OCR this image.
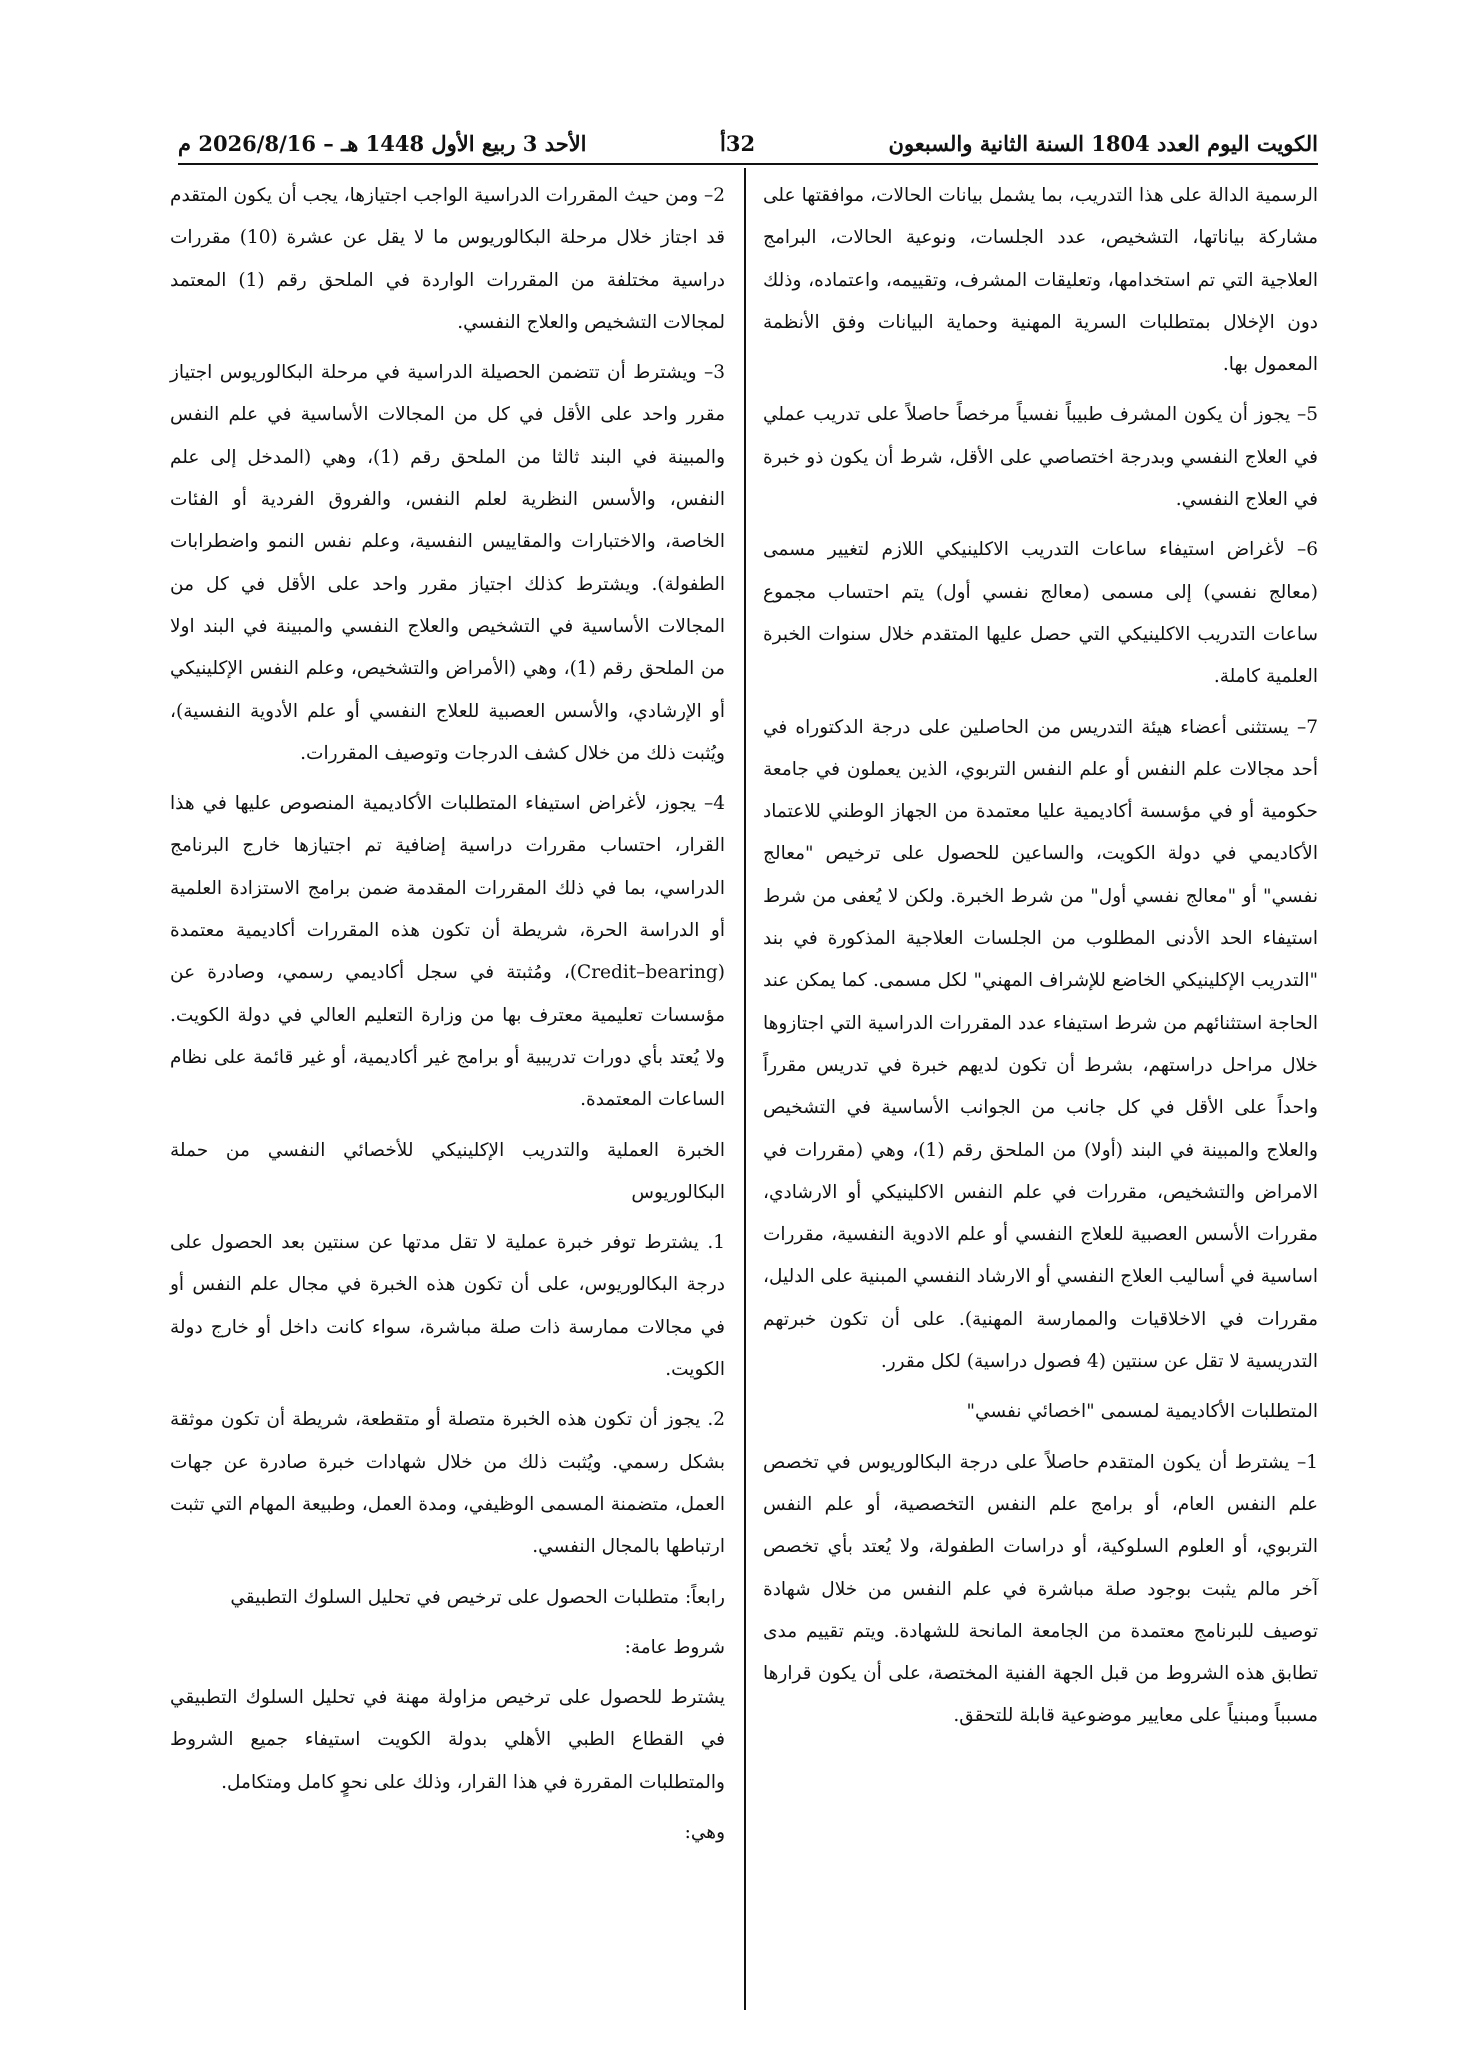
الكويت اليوم العدد 1804 السنة الثانية والسبعون
32أ
الأحد 3 ربيع الأول 1448 هـ – 2026/8/16 م

الرسمية الدالة على هذا التدريب، بما يشمل بيانات الحالات، موافقتها على مشاركة بياناتها، التشخيص، عدد الجلسات، ونوعية الحالات، البرامج العلاجية التي تم استخدامها، وتعليقات المشرف، وتقييمه، واعتماده، وذلك دون الإخلال بمتطلبات السرية المهنية وحماية البيانات وفق الأنظمة المعمول بها.

5– يجوز أن يكون المشرف طبيباً نفسياً مرخصاً حاصلاً على تدريب عملي في العلاج النفسي وبدرجة اختصاصي على الأقل، شرط أن يكون ذو خبرة في العلاج النفسي.

6– لأغراض استيفاء ساعات التدريب الاكلينيكي اللازم لتغيير مسمى (معالج نفسي) إلى مسمى (معالج نفسي أول) يتم احتساب مجموع ساعات التدريب الاكلينيكي التي حصل عليها المتقدم خلال سنوات الخبرة العلمية كاملة.

7– يستثنى أعضاء هيئة التدريس من الحاصلين على درجة الدكتوراه في أحد مجالات علم النفس أو علم النفس التربوي، الذين يعملون في جامعة حكومية أو في مؤسسة أكاديمية عليا معتمدة من الجهاز الوطني للاعتماد الأكاديمي في دولة الكويت، والساعين للحصول على ترخيص "معالج نفسي" أو "معالج نفسي أول" من شرط الخبرة. ولكن لا يُعفى من شرط استيفاء الحد الأدنى المطلوب من الجلسات العلاجية المذكورة في بند "التدريب الإكلينيكي الخاضع للإشراف المهني" لكل مسمى. كما يمكن عند الحاجة استثنائهم من شرط استيفاء عدد المقررات الدراسية التي اجتازوها خلال مراحل دراستهم، بشرط أن تكون لديهم خبرة في تدريس مقرراً واحداً على الأقل في كل جانب من الجوانب الأساسية في التشخيص والعلاج والمبينة في البند (أولا) من الملحق رقم (1)، وهي (مقررات في الامراض والتشخيص، مقررات في علم النفس الاكلينيكي أو الارشادي، مقررات الأسس العصبية للعلاج النفسي أو علم الادوية النفسية، مقررات اساسية في أساليب العلاج النفسي أو الارشاد النفسي المبنية على الدليل، مقررات في الاخلاقيات والممارسة المهنية). على أن تكون خبرتهم التدريسية لا تقل عن سنتين (4 فصول دراسية) لكل مقرر.

المتطلبات الأكاديمية لمسمى "اخصائي نفسي"

1– يشترط أن يكون المتقدم حاصلاً على درجة البكالوريوس في تخصص علم النفس العام، أو برامج علم النفس التخصصية، أو علم النفس التربوي، أو العلوم السلوكية، أو دراسات الطفولة، ولا يُعتد بأي تخصص آخر مالم يثبت بوجود صلة مباشرة في علم النفس من خلال شهادة توصيف للبرنامج معتمدة من الجامعة المانحة للشهادة. ويتم تقييم مدى تطابق هذه الشروط من قبل الجهة الفنية المختصة، على أن يكون قرارها مسبباً ومبنياً على معايير موضوعية قابلة للتحقق.

2– ومن حيث المقررات الدراسية الواجب اجتيازها، يجب أن يكون المتقدم قد اجتاز خلال مرحلة البكالوريوس ما لا يقل عن عشرة (10) مقررات دراسية مختلفة من المقررات الواردة في الملحق رقم (1) المعتمد لمجالات التشخيص والعلاج النفسي.

3– ويشترط أن تتضمن الحصيلة الدراسية في مرحلة البكالوريوس اجتياز مقرر واحد على الأقل في كل من المجالات الأساسية في علم النفس والمبينة في البند ثالثا من الملحق رقم (1)، وهي (المدخل إلى علم النفس، والأسس النظرية لعلم النفس، والفروق الفردية أو الفئات الخاصة، والاختبارات والمقاييس النفسية، وعلم نفس النمو واضطرابات الطفولة). ويشترط كذلك اجتياز مقرر واحد على الأقل في كل من المجالات الأساسية في التشخيص والعلاج النفسي والمبينة في البند اولا من الملحق رقم (1)، وهي (الأمراض والتشخيص، وعلم النفس الإكلينيكي أو الإرشادي، والأسس العصبية للعلاج النفسي أو علم الأدوية النفسية)، ويُثبت ذلك من خلال كشف الدرجات وتوصيف المقررات.

4– يجوز، لأغراض استيفاء المتطلبات الأكاديمية المنصوص عليها في هذا القرار، احتساب مقررات دراسية إضافية تم اجتيازها خارج البرنامج الدراسي، بما في ذلك المقررات المقدمة ضمن برامج الاستزادة العلمية أو الدراسة الحرة، شريطة أن تكون هذه المقررات أكاديمية معتمدة (Credit–bearing)، ومُثبتة في سجل أكاديمي رسمي، وصادرة عن مؤسسات تعليمية معترف بها من وزارة التعليم العالي في دولة الكويت. ولا يُعتد بأي دورات تدريبية أو برامج غير أكاديمية، أو غير قائمة على نظام الساعات المعتمدة.

الخبرة العملية والتدريب الإكلينيكي للأخصائي النفسي من حملة البكالوريوس

1. يشترط توفر خبرة عملية لا تقل مدتها عن سنتين بعد الحصول على درجة البكالوريوس، على أن تكون هذه الخبرة في مجال علم النفس أو في مجالات ممارسة ذات صلة مباشرة، سواء كانت داخل أو خارج دولة الكويت.

2. يجوز أن تكون هذه الخبرة متصلة أو متقطعة، شريطة أن تكون موثقة بشكل رسمي. ويُثبت ذلك من خلال شهادات خبرة صادرة عن جهات العمل، متضمنة المسمى الوظيفي، ومدة العمل، وطبيعة المهام التي تثبت ارتباطها بالمجال النفسي.

رابعاً: متطلبات الحصول على ترخيص في تحليل السلوك التطبيقي

شروط عامة:

يشترط للحصول على ترخيص مزاولة مهنة في تحليل السلوك التطبيقي في القطاع الطبي الأهلي بدولة الكويت استيفاء جميع الشروط والمتطلبات المقررة في هذا القرار، وذلك على نحوٍ كامل ومتكامل.

وهي:
